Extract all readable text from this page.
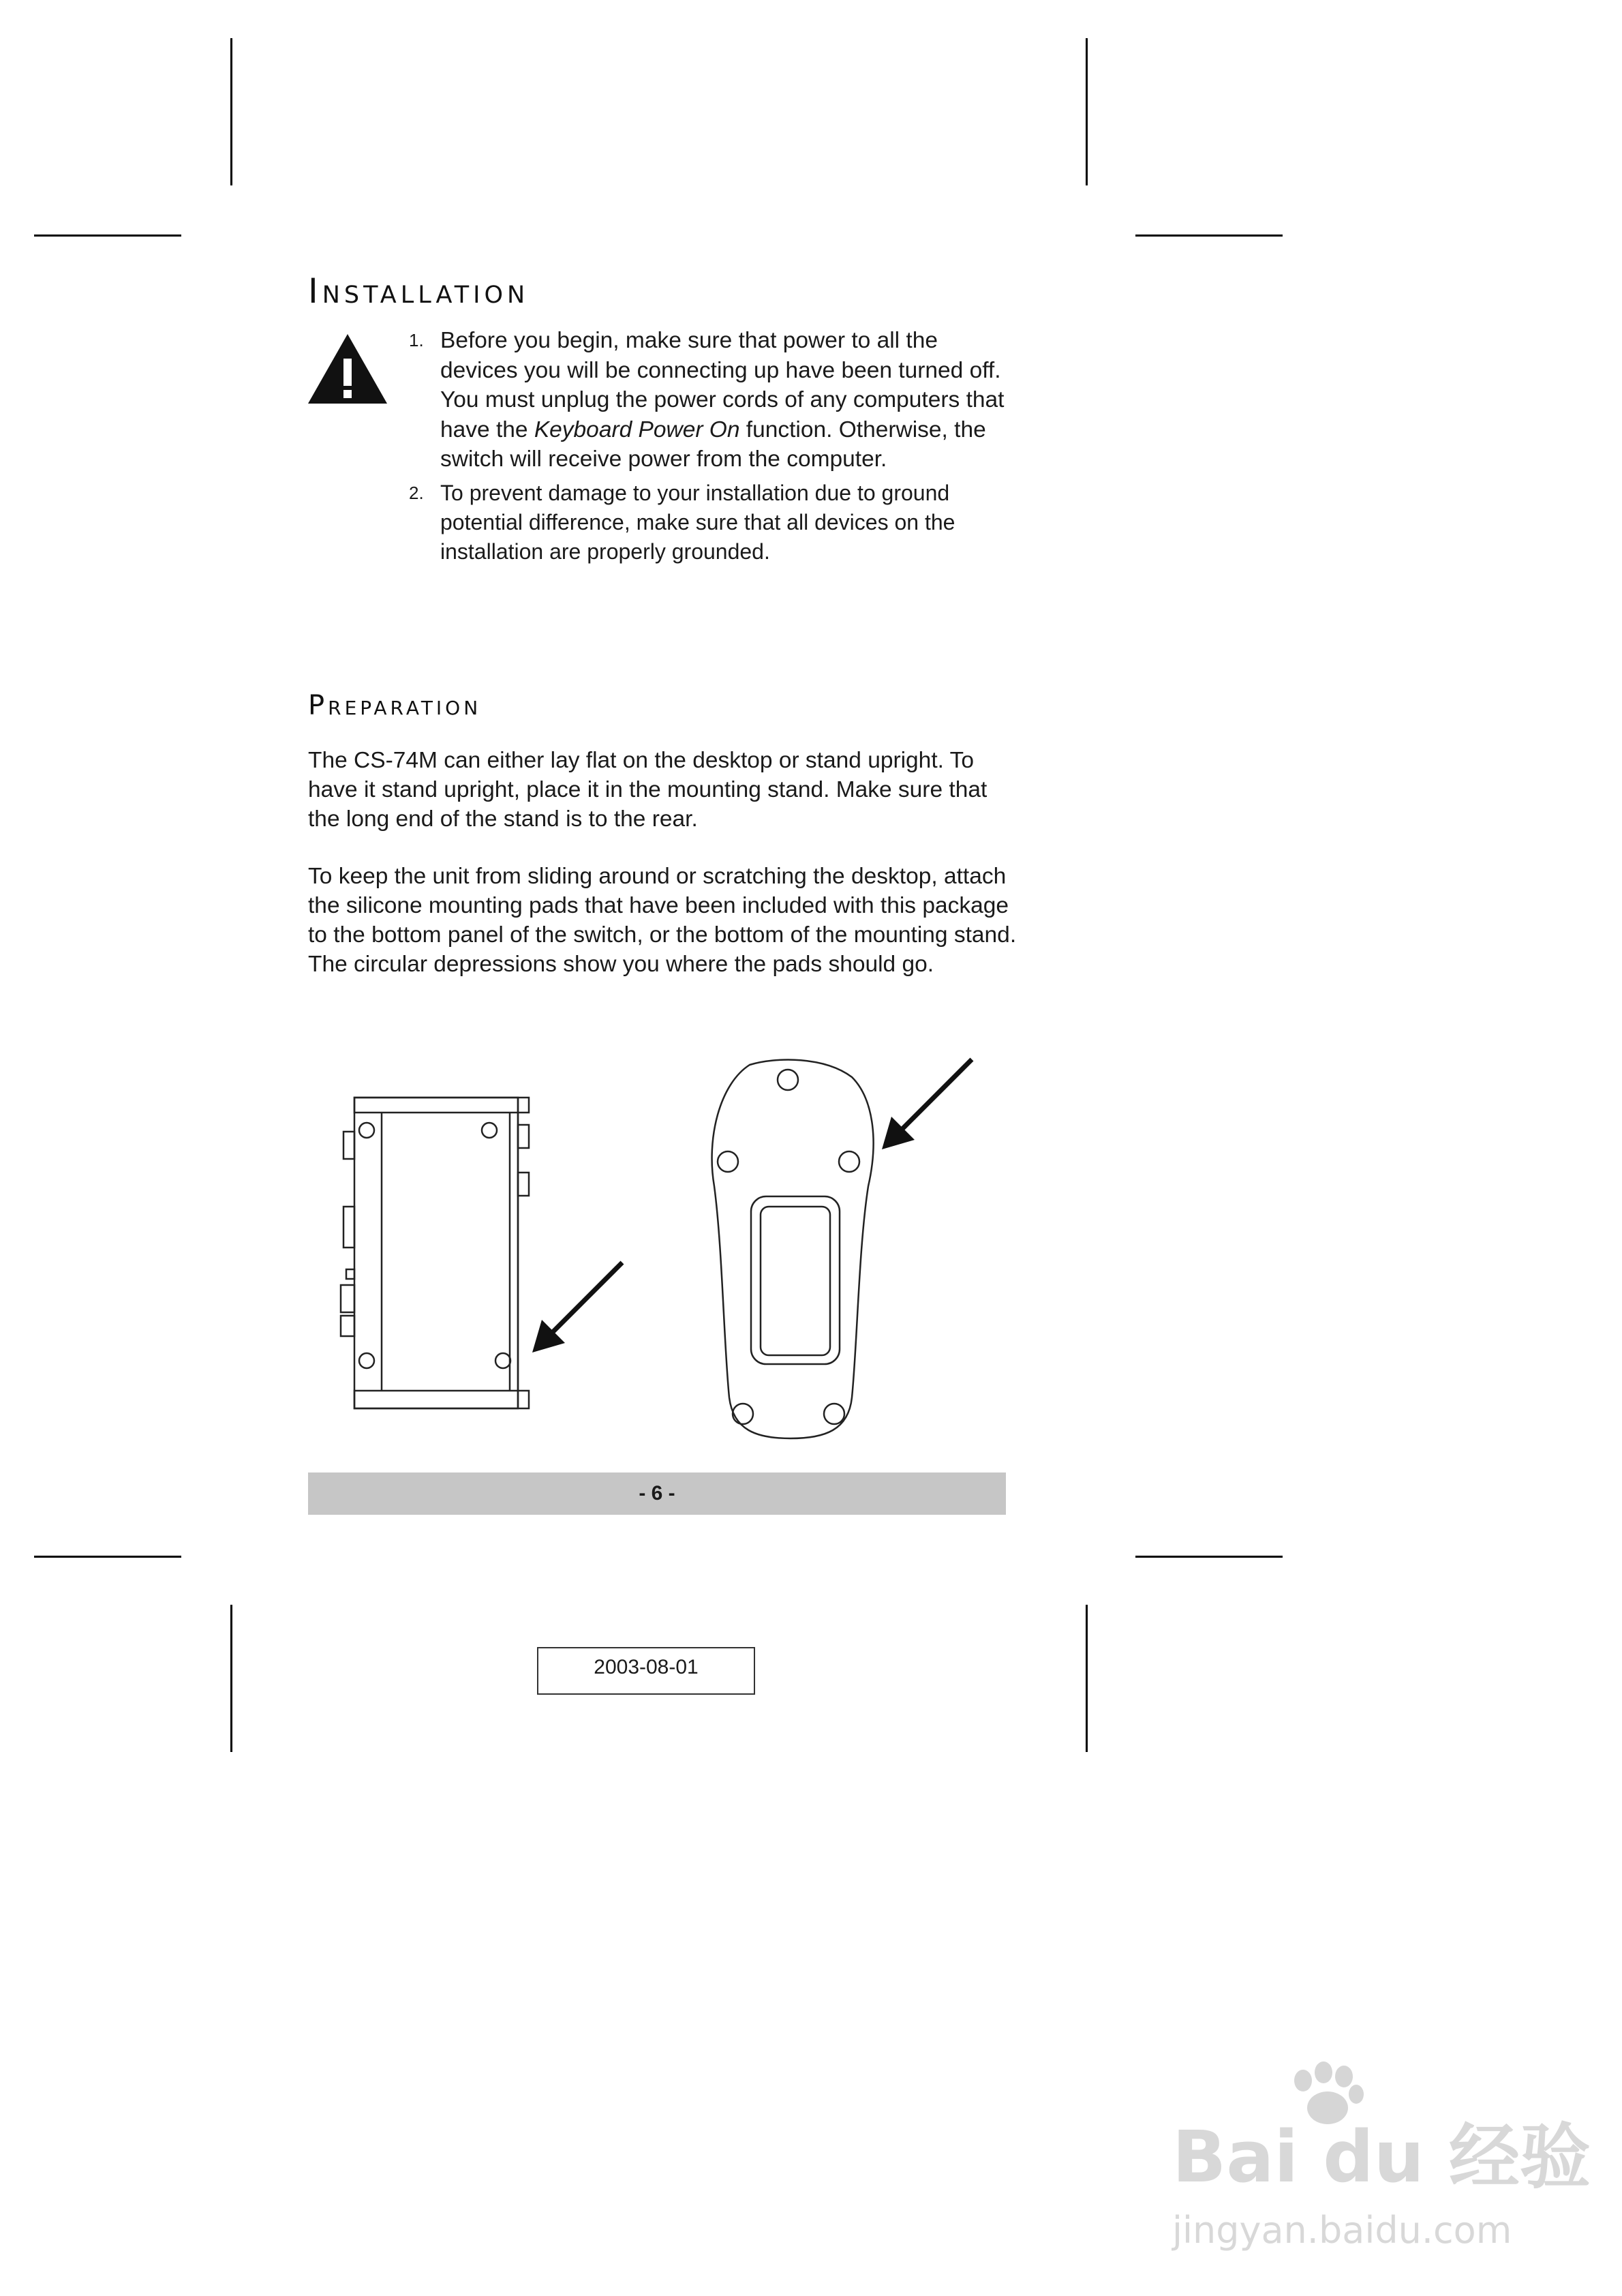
Installation
1. Before you begin, make sure that power to all the devices you will be connecting up have been turned off. You must unplug the power cords of any computers that have the Keyboard Power On function. Otherwise, the switch will receive power from the computer.
2. To prevent damage to your installation due to ground potential difference, make sure that all devices on the installation are properly grounded.
Preparation

The CS-74M can either lay flat on the desktop or stand upright. To have it stand upright, place it in the mounting stand. Make sure that the long end of the stand is to the rear.

To keep the unit from sliding around or scratching the desktop, attach the silicone mounting pads that have been included with this package to the bottom panel of the switch, or the bottom of the mounting stand. The circular depressions show you where the pads should go.

- 6 -
2003-08-01
Bai du 经验
jingyan.baidu.com
